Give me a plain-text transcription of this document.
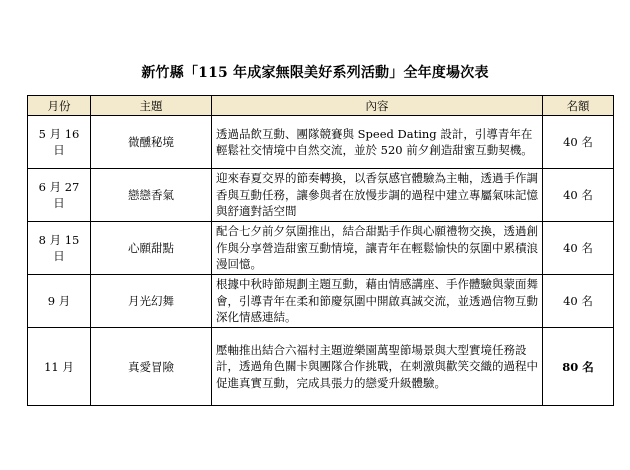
新竹縣「115 年成家無限美好系列活動」全年度場次表
月份	主題	內容	名額
5 月 16 日	微醺秘境	透過品飲互動、團隊競賽與 Speed Dating 設計，引導青年在輕鬆社交情境中自然交流，並於 520 前夕創造甜蜜互動契機。	40 名
6 月 27 日	戀戀香氣	迎來春夏交界的節奏轉換，以香氛感官體驗為主軸，透過手作調香與互動任務，讓參與者在放慢步調的過程中建立專屬氣味記憶與舒適對話空間	40 名
8 月 15 日	心願甜點	配合七夕前夕氛圍推出，結合甜點手作與心願禮物交換，透過創作與分享營造甜蜜互動情境，讓青年在輕鬆愉快的氛圍中累積浪漫回憶。	40 名
9 月	月光幻舞	根據中秋時節規劃主題互動，藉由情感講座、手作體驗與蒙面舞會，引導青年在柔和節慶氛圍中開啟真誠交流，並透過信物互動深化情感連結。	40 名
11 月	真愛冒險	壓軸推出結合六福村主題遊樂園萬聖節場景與大型實境任務設計，透過角色關卡與團隊合作挑戰，在刺激與歡笑交織的過程中促進真實互動，完成具張力的戀愛升級體驗。	80 名
